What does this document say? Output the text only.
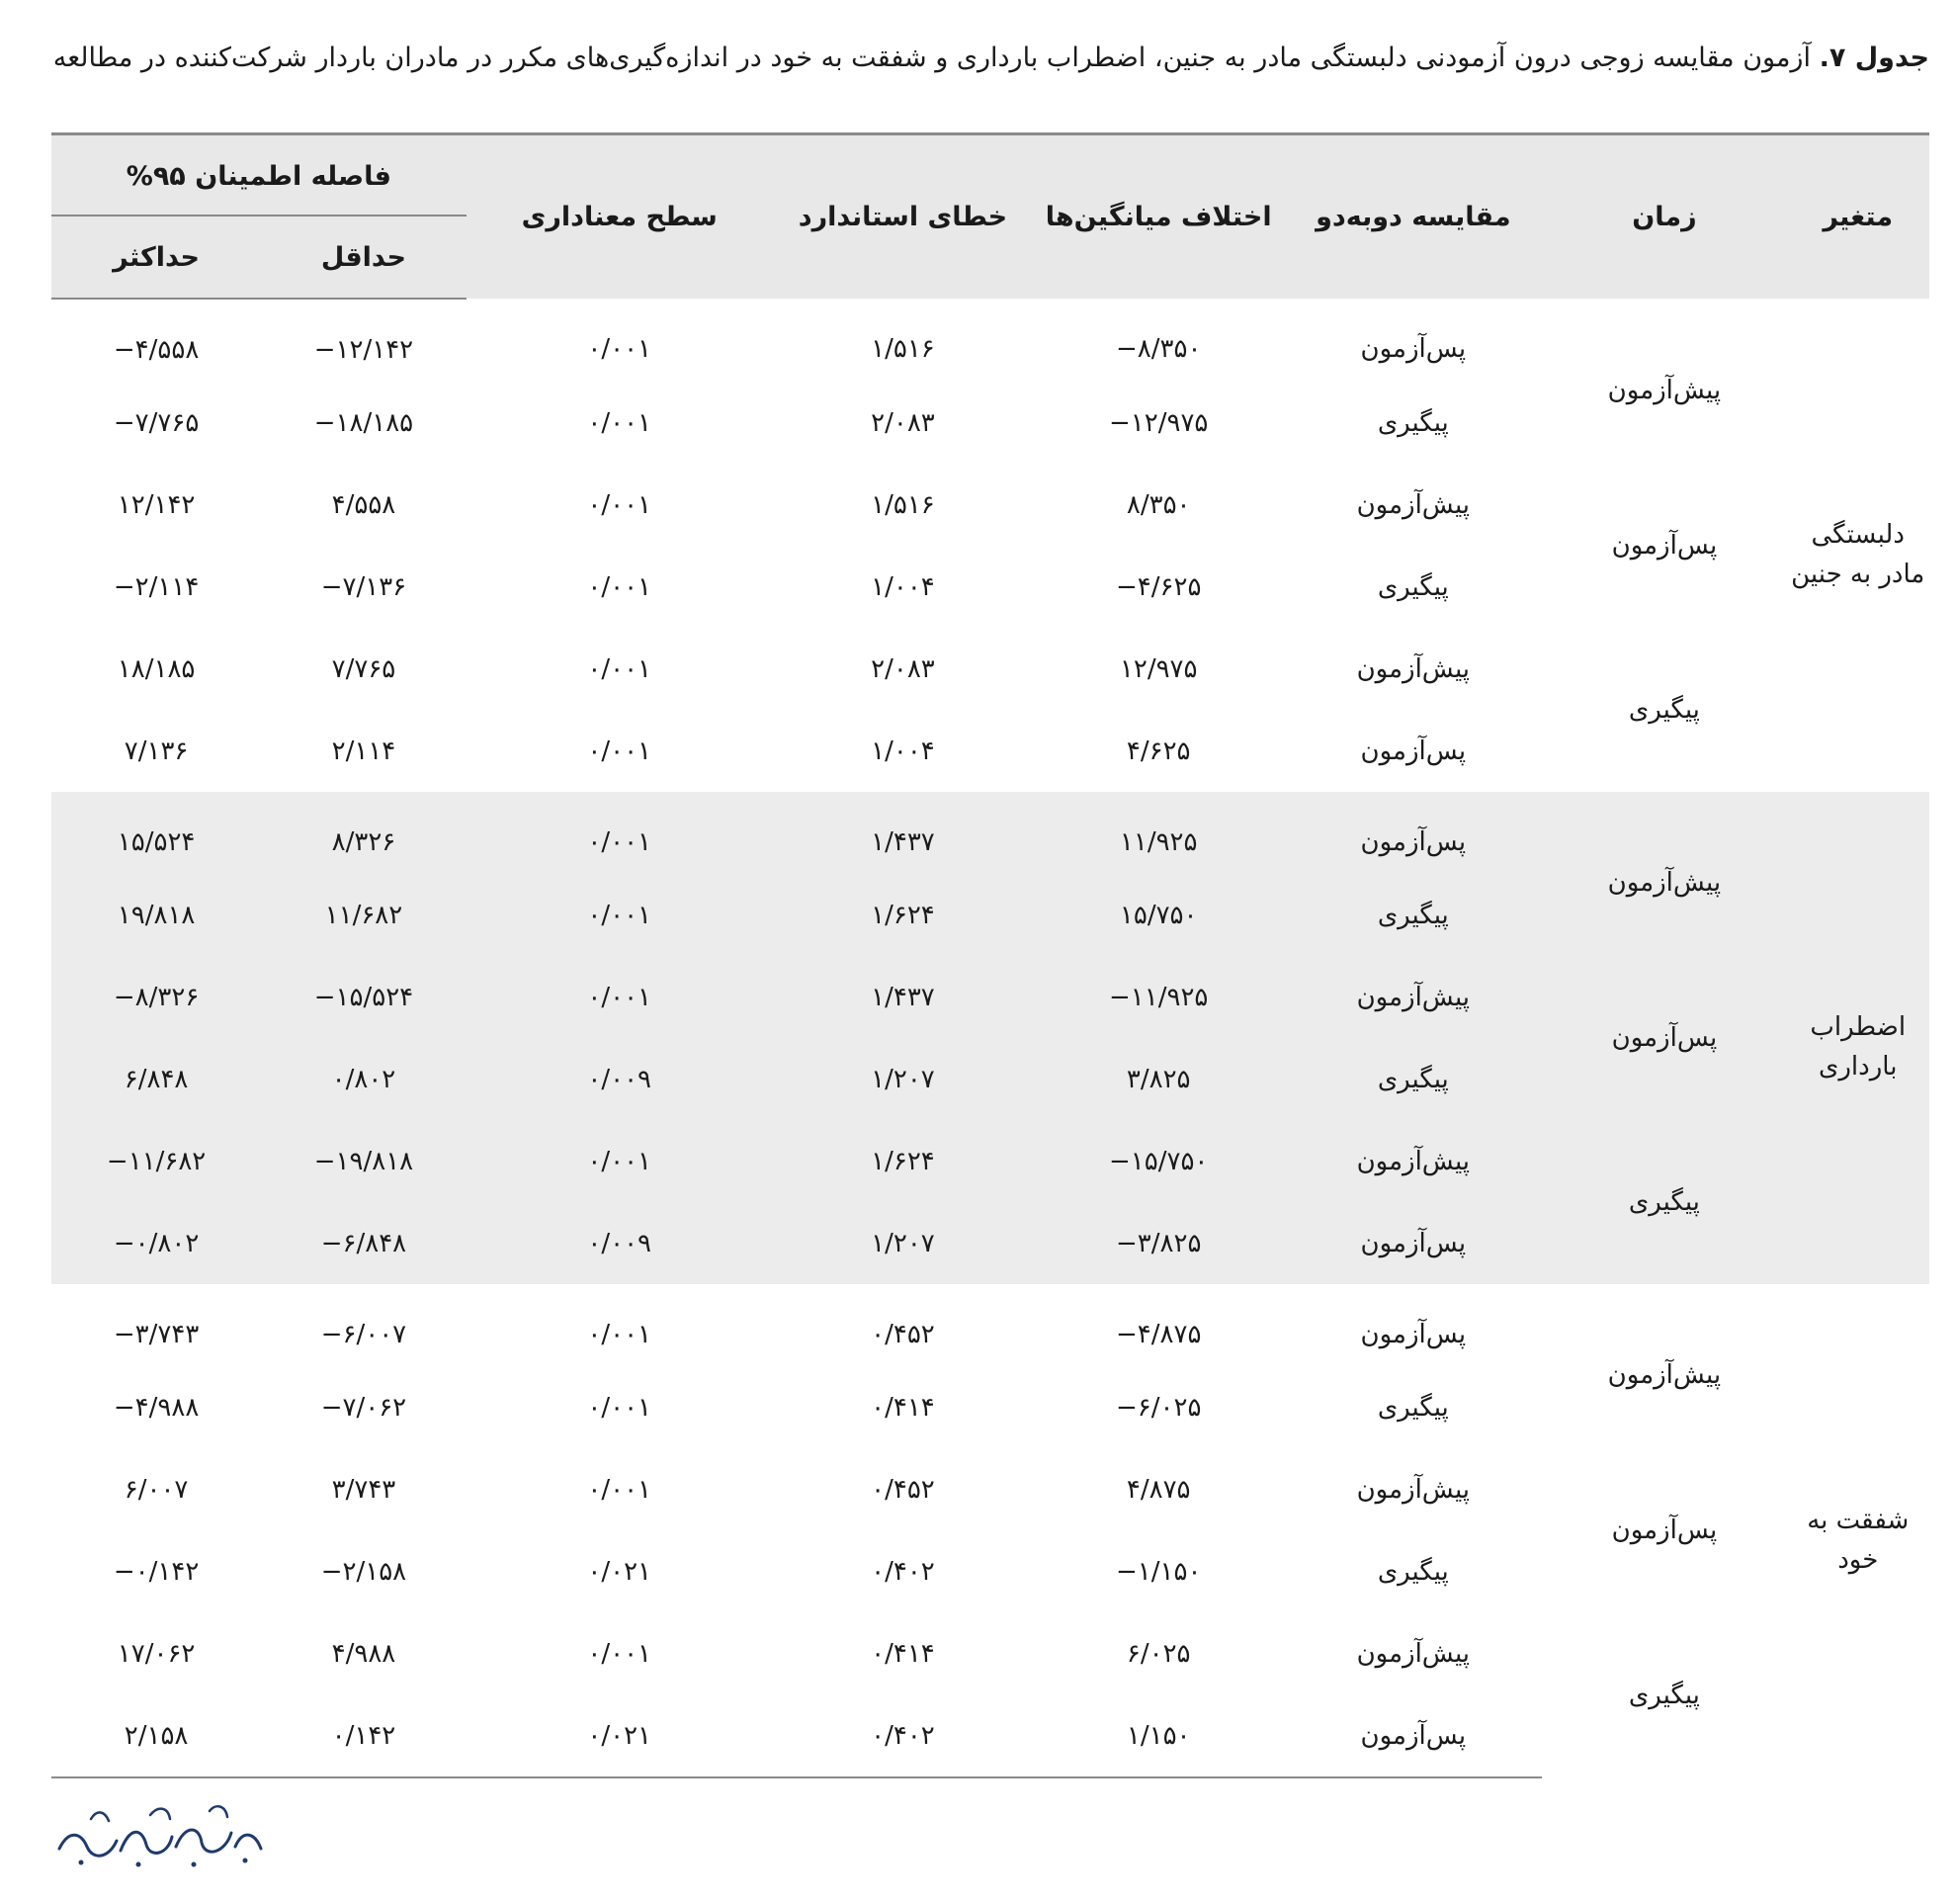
جدول ۷. آزمون مقایسه زوجی درون آزمودنی دلبستگی مادر به جنین، اضطراب بارداری و شفقت به خود در اندازه‌گیری‌های مکرر در مادران باردار شرکت‌کننده در مطالعه
متغیر	زمان	مقایسه دوبه‌دو	اختلاف میانگین‌ها	خطای استاندارد	سطح معناداری	فاصله اطمینان ۹۵%	

						حداقل	حداکثر
دلبستگی مادر به جنین	پیش‌آزمون	پس‌آزمون	−۸/۳۵۰	۱/۵۱۶	۰/۰۰۱	−۱۲/۱۴۲	−۴/۵۵۸
		پیگیری	−۱۲/۹۷۵	۲/۰۸۳	۰/۰۰۱	−۱۸/۱۸۵	−۷/۷۶۵
	پس‌آزمون	پیش‌آزمون	۸/۳۵۰	۱/۵۱۶	۰/۰۰۱	۴/۵۵۸	۱۲/۱۴۲
		پیگیری	−۴/۶۲۵	۱/۰۰۴	۰/۰۰۱	−۷/۱۳۶	−۲/۱۱۴
	پیگیری	پیش‌آزمون	۱۲/۹۷۵	۲/۰۸۳	۰/۰۰۱	۷/۷۶۵	۱۸/۱۸۵
		پس‌آزمون	۴/۶۲۵	۱/۰۰۴	۰/۰۰۱	۲/۱۱۴	۷/۱۳۶
اضطراب بارداری	پیش‌آزمون	پس‌آزمون	۱۱/۹۲۵	۱/۴۳۷	۰/۰۰۱	۸/۳۲۶	۱۵/۵۲۴
		پیگیری	۱۵/۷۵۰	۱/۶۲۴	۰/۰۰۱	۱۱/۶۸۲	۱۹/۸۱۸
	پس‌آزمون	پیش‌آزمون	−۱۱/۹۲۵	۱/۴۳۷	۰/۰۰۱	−۱۵/۵۲۴	−۸/۳۲۶
		پیگیری	۳/۸۲۵	۱/۲۰۷	۰/۰۰۹	۰/۸۰۲	۶/۸۴۸
	پیگیری	پیش‌آزمون	−۱۵/۷۵۰	۱/۶۲۴	۰/۰۰۱	−۱۹/۸۱۸	−۱۱/۶۸۲
		پس‌آزمون	−۳/۸۲۵	۱/۲۰۷	۰/۰۰۹	−۶/۸۴۸	−۰/۸۰۲
شفقت به خود	پیش‌آزمون	پس‌آزمون	−۴/۸۷۵	۰/۴۵۲	۰/۰۰۱	−۶/۰۰۷	−۳/۷۴۳
		پیگیری	−۶/۰۲۵	۰/۴۱۴	۰/۰۰۱	−۷/۰۶۲	−۴/۹۸۸
	پس‌آزمون	پیش‌آزمون	۴/۸۷۵	۰/۴۵۲	۰/۰۰۱	۳/۷۴۳	۶/۰۰۷
		پیگیری	−۱/۱۵۰	۰/۴۰۲	۰/۰۲۱	−۲/۱۵۸	−۰/۱۴۲
	پیگیری	پیش‌آزمون	۶/۰۲۵	۰/۴۱۴	۰/۰۰۱	۴/۹۸۸	۱۷/۰۶۲
		پس‌آزمون	۱/۱۵۰	۰/۴۰۲	۰/۰۲۱	۰/۱۴۲	۲/۱۵۸
